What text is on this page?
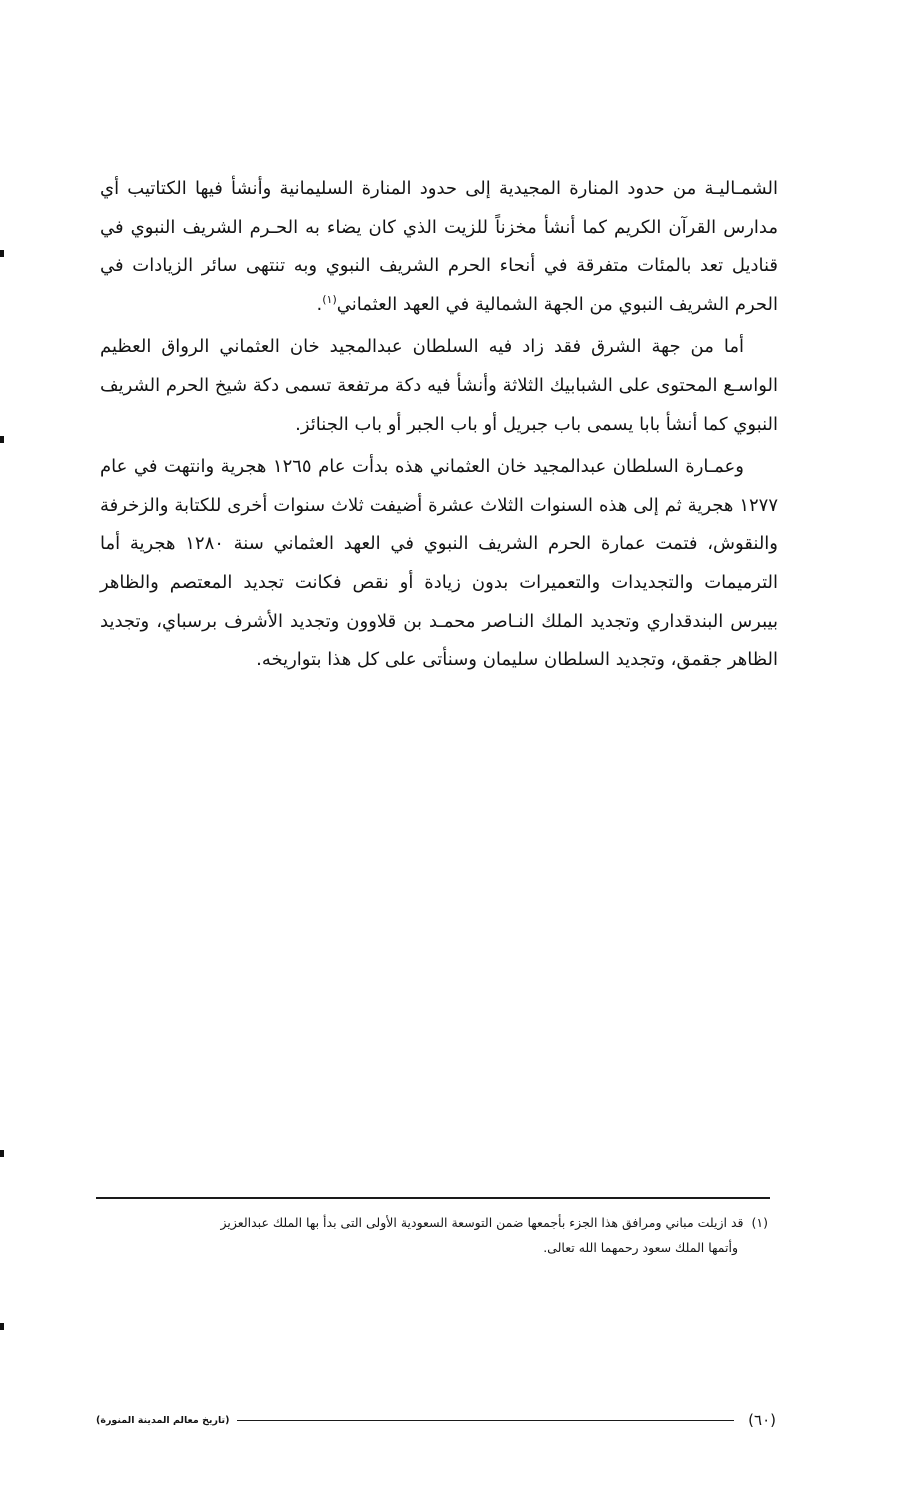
الشمـاليـة من حدود المنارة المجيدية إلى حدود المنارة السليمانية وأنشأ فيها الكتاتيب أي مدارس القرآن الكريم كما أنشأ مخزناً للزيت الذي كان يضاء به الحـرم الشريف النبوي في قناديل تعد بالمئات متفرقة في أنحاء الحرم الشريف النبوي وبه تنتهى سائر الزيادات في الحرم الشريف النبوي من الجهة الشمالية في العهد العثماني$^{(١)}$.

أما من جهة الشرق فقد زاد فيه السلطان عبدالمجيد خان العثماني الرواق العظيم الواسـع المحتوى على الشبابيك الثلاثة وأنشأ فيه دكة مرتفعة تسمى دكة شيخ الحرم الشريف النبوي كما أنشأ بابا يسمى باب جبريل أو باب الجبر أو باب الجنائز.

وعمـارة السلطان عبدالمجيد خان العثماني هذه بدأت عام ١٢٦٥ هجرية وانتهت في عام ١٢٧٧ هجرية ثم إلى هذه السنوات الثلاث عشرة أضيفت ثلاث سنوات أخرى للكتابة والزخرفة والنقوش، فتمت عمارة الحرم الشريف النبوي في العهد العثماني سنة ١٢٨٠ هجرية أما الترميمات والتجديدات والتعميرات بدون زيادة أو نقص فكانت تجديد المعتصم والظاهر بيبرس البندقداري وتجديد الملك النـاصر محمـد بن قلاوون وتجديد الأشرف برسباي، وتجديد الظاهر جقمق، وتجديد السلطان سليمان وسنأتى على كل هذا بتواريخه.

(١)  قد ازيلت مباني ومرافق هذا الجزء بأجمعها ضمن التوسعة السعودية الأولى التى بدأ بها الملك عبدالعزيز
وأتمها الملك سعود رحمهما الله تعالى.
(٦٠)
(تاريخ معالم المدينة المنورة)
